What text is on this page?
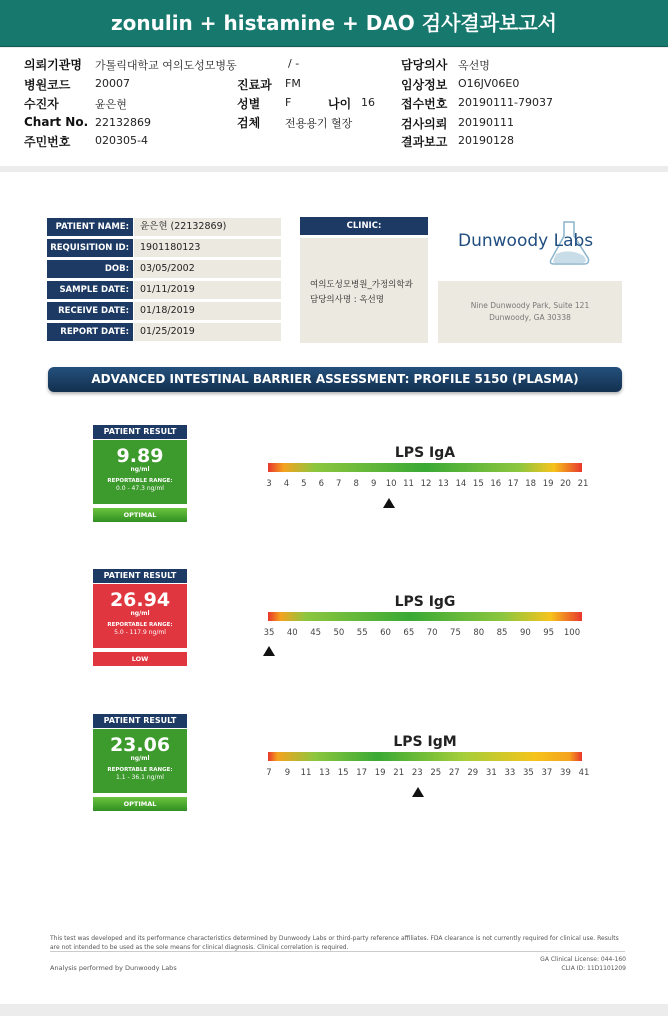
zonulin + histamine + DAO 검사결과보고서
의뢰기관명 가톨릭대학교 여의도성모병동	/ -
병원코드 20007
수진자	윤은현
Chart No. 22132869
주민번호 020305-4
진료과 FM
성별 F	나이 16
검체 전용용기 혈장
담당의사 옥선명
임상정보 O16JV06E0
접수번호 20190111-79037
검사의뢰 20190111
결과보고 20190128
PATIENT NAME:	윤은현 (22132869)
REQUISITION ID:	1901180123
DOB:	03/05/2002
SAMPLE DATE:	01/11/2019
RECEIVE DATE:	01/18/2019
REPORT DATE:	01/25/2019
CLINIC:
여의도성모병원_가정의학과
담당의사명 : 옥선명
Dunwoody Labs
Nine Dunwoody Park, Suite 121
Dunwoody, GA 30338
ADVANCED INTESTINAL BARRIER ASSESSMENT: PROFILE 5150 (PLASMA)
PATIENT RESULT
9.89
ng/ml
REPORTABLE RANGE:
0.0 - 47.3 ng/ml
OPTIMAL
LPS IgA
3 4 5 6 7 8 9 10 11 12 13 14 15 16 17 18 19 20 21
PATIENT RESULT
26.94
ng/ml
REPORTABLE RANGE:
5.0 - 117.9 ng/ml
LOW
LPS IgG
35 40 45 50 55 60 65 70 75 80 85 90 95 100
PATIENT RESULT
23.06
ng/ml
REPORTABLE RANGE:
1.1 - 36.1 ng/ml
OPTIMAL
LPS IgM
7 9 11 13 15 17 19 21 23 25 27 29 31 33 35 37 39 41
This test was developed and its performance characteristics determined by Dunwoody Labs or third-party reference affiliates. FDA clearance is not currently required for clinical use. Results are not intended to be used as the sole means for clinical diagnosis. Clinical correlation is required.
Analysis performed by Dunwoody Labs
GA Clinical License: 044-160
CLIA ID: 11D1101209
